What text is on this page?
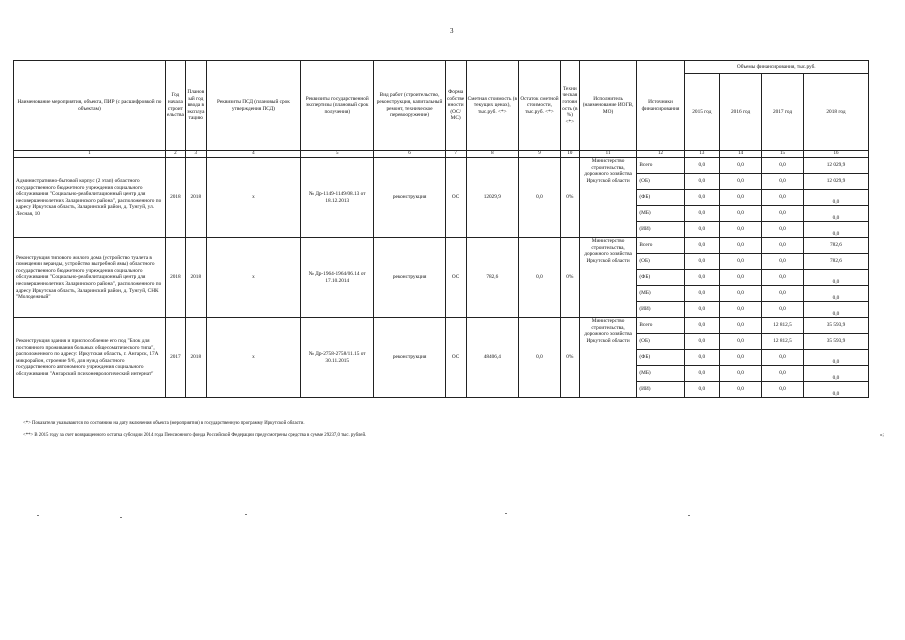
3
Наименование мероприятия, объекта, ПИР (с расшифровкой по объектам)	Год начала строительства	Плановый год ввода в эксплуатацию	Реквизиты ПСД (плановый срок утверждения ПСД)	Реквизиты государственной экспертизы (плановый срок получения)	Вид работ (строительство, реконструкция, капитальный ремонт, техническое перевооружение)	Форма собственности (ОС/МС)	Сметная стоимость (в текущих ценах), тыс.руб. <*>	Остаток сметной стоимости, тыс.руб. <*>	Техническая готовность (в %) <*>	Исполнитель (наименование ИОГВ, МО)	Источники финансирования	Объемы финансирования, тыс.руб.			
												2015 год	2016 год	2017 год	2018 год
1	2	3	4	5	6	7	8	9	10	11	12	13	14	15	16
Административно-бытовой корпус (2 этап) областного государственного бюджетного учреждения социального обслуживания "Социально-реабилитационный центр для несовершеннолетних Заларинского района", расположенного по адресу Иркутская область, Заларинский район, д. Тунгуй, ул. Лесная, 10	2018	2018	х	№ Др-1149-1149/08.13 от 18.12.2013	реконструкция	ОС	12029,9	0,0	0%	Министерство строительства, дорожного хозяйства Иркутской области	Всего	0,0	0,0	0,0	12 029,9
											(ОБ)	0,0	0,0	0,0	12 029,9
											(ФБ)	0,0	0,0	0,0	0,0
											(МБ)	0,0	0,0	0,0	0,0
											(ИИ)	0,0	0,0	0,0	0,0
Реконструкция типового жилого дома (устройство туалета в помещении веранды, устройство выгребной ямы) областного государственного бюджетного учреждения социального обслуживания "Социально-реабилитационный центр для несовершеннолетних Заларинского района", расположенного по адресу Иркутская область, Заларинский район, д. Тунгуй, СНК "Молодежный"	2018	2018	х	№ Др-1964-1964/06.14 от 17.10.2014	реконструкция	ОС	782,6	0,0	0%	Министерство строительства, дорожного хозяйства Иркутской области	Всего	0,0	0,0	0,0	782,6
											(ОБ)	0,0	0,0	0,0	782,6
											(ФБ)	0,0	0,0	0,0	0,0
											(МБ)	0,0	0,0	0,0	0,0
											(ИИ)	0,0	0,0	0,0	0,0
Реконструкция здания и приспособление его под "Блок для постоянного проживания больных общесоматического типа", расположенного по адресу: Иркутская область, г. Ангарск, 17А микрорайон, строение 9/6, для нужд областного государственного автономного учреждения социального обслуживания "Ангарский психоневрологический интернат"	2017	2018	х	№ Др-2758-2758/11.15 от 30.11.2015	реконструкция	ОС	48406,4	0,0	0%	Министерство строительства, дорожного хозяйства Иркутской области	Всего	0,0	0,0	12 812,5	35 593,9
											(ОБ)	0,0	0,0	12 812,5	35 593,9
											(ФБ)	0,0	0,0	0,0	0,0
											(МБ)	0,0	0,0	0,0	0,0
											(ИИ)	0,0	0,0	0,0	0,0
<*> Показатели указываются по состоянию на дату включения объекта (мероприятия) в государственную программу Иркутской области.
<**> В 2015 году за счет возвращенного остатка субсидии 2014 года Пенсионного фонда Российской Федерации предусмотрены средства в сумме 29237,0 тыс. рублей.	»;
